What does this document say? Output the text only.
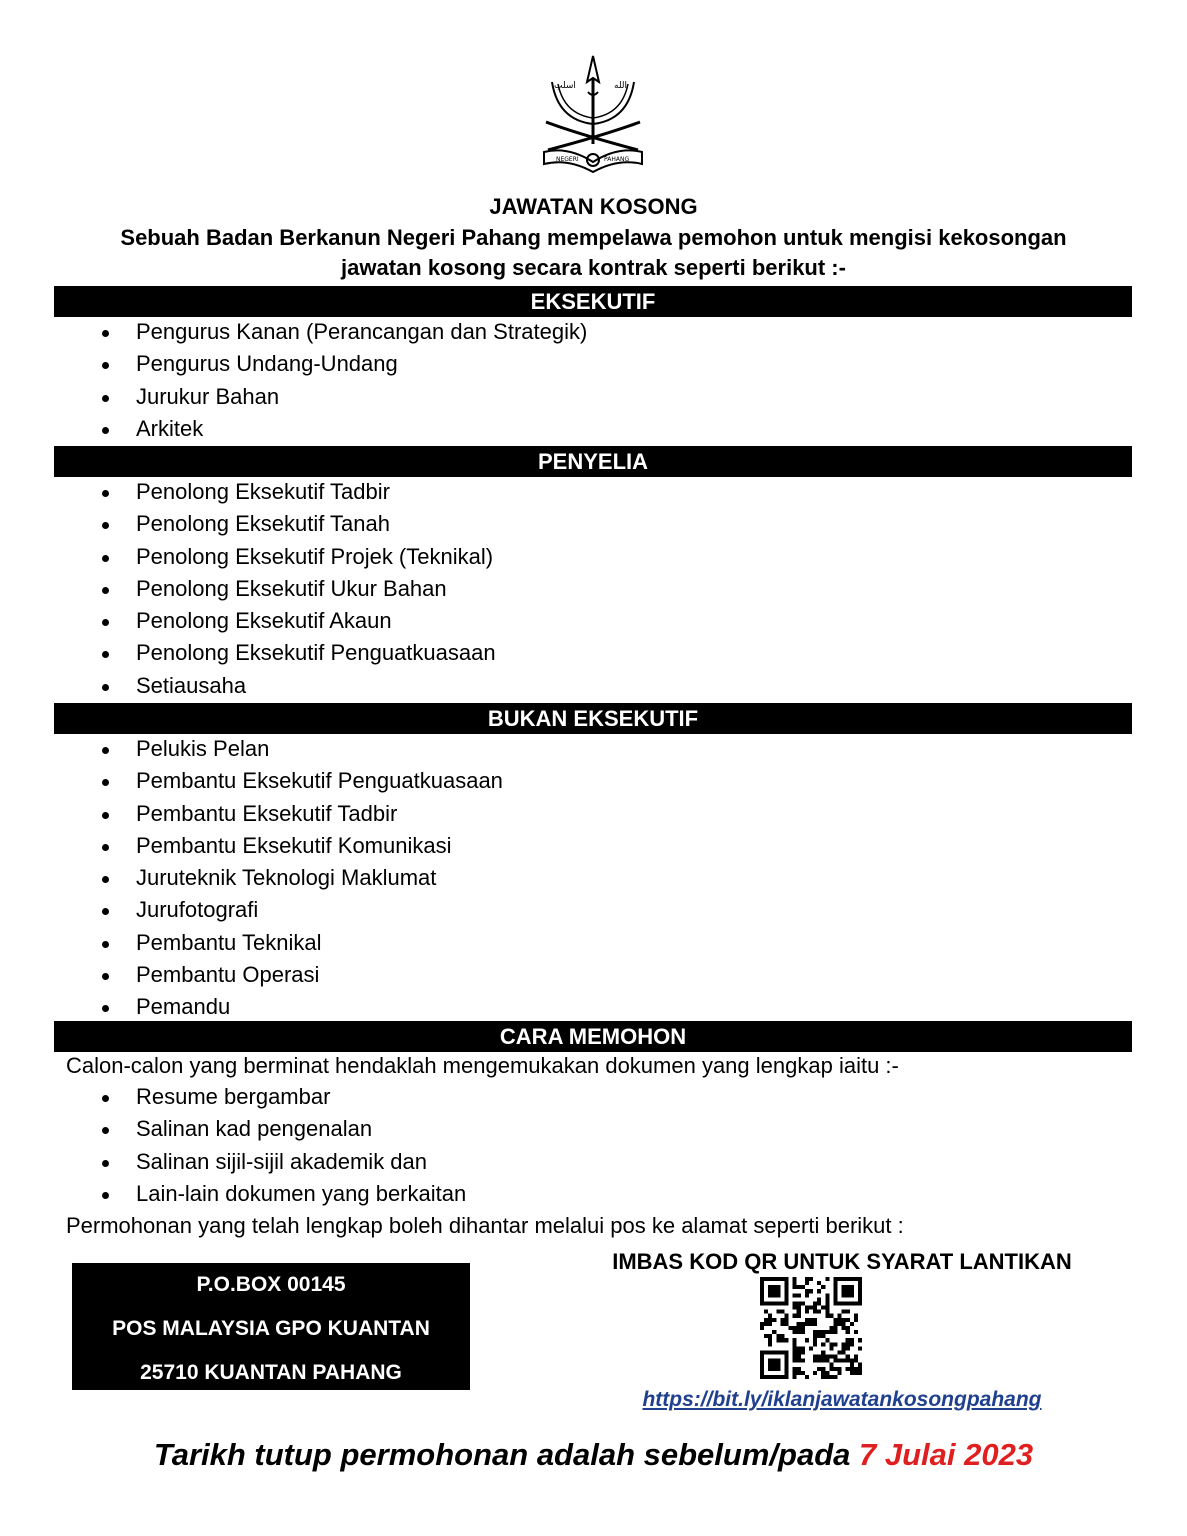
ﺍﺳﻠﺐ	ﺍﻟﻠﻪ
NEGERI	PAHANG
JAWATAN KOSONG
Sebuah Badan Berkanun Negeri Pahang mempelawa pemohon untuk mengisi kekosongan
jawatan kosong secara kontrak seperti berikut :-
EKSEKUTIF
Pengurus Kanan (Perancangan dan Strategik)
Pengurus Undang-Undang
Jurukur Bahan
Arkitek
PENYELIA
Penolong Eksekutif Tadbir
Penolong Eksekutif Tanah
Penolong Eksekutif Projek (Teknikal)
Penolong Eksekutif Ukur Bahan
Penolong Eksekutif Akaun
Penolong Eksekutif Penguatkuasaan
Setiausaha
BUKAN EKSEKUTIF
Pelukis Pelan
Pembantu Eksekutif Penguatkuasaan
Pembantu Eksekutif Tadbir
Pembantu Eksekutif Komunikasi
Juruteknik Teknologi Maklumat
Jurufotografi
Pembantu Teknikal
Pembantu Operasi
Pemandu
CARA MEMOHON
Calon-calon yang berminat hendaklah mengemukakan dokumen yang lengkap iaitu :-
Resume bergambar
Salinan kad pengenalan
Salinan sijil-sijil akademik dan
Lain-lain dokumen yang berkaitan
Permohonan yang telah lengkap boleh dihantar melalui pos ke alamat seperti berikut :
P.O.BOX 00145
POS MALAYSIA GPO KUANTAN
25710 KUANTAN PAHANG
IMBAS KOD QR UNTUK SYARAT LANTIKAN
https://bit.ly/iklanjawatankosongpahang
Tarikh tutup permohonan adalah sebelum/pada 7 Julai 2023
